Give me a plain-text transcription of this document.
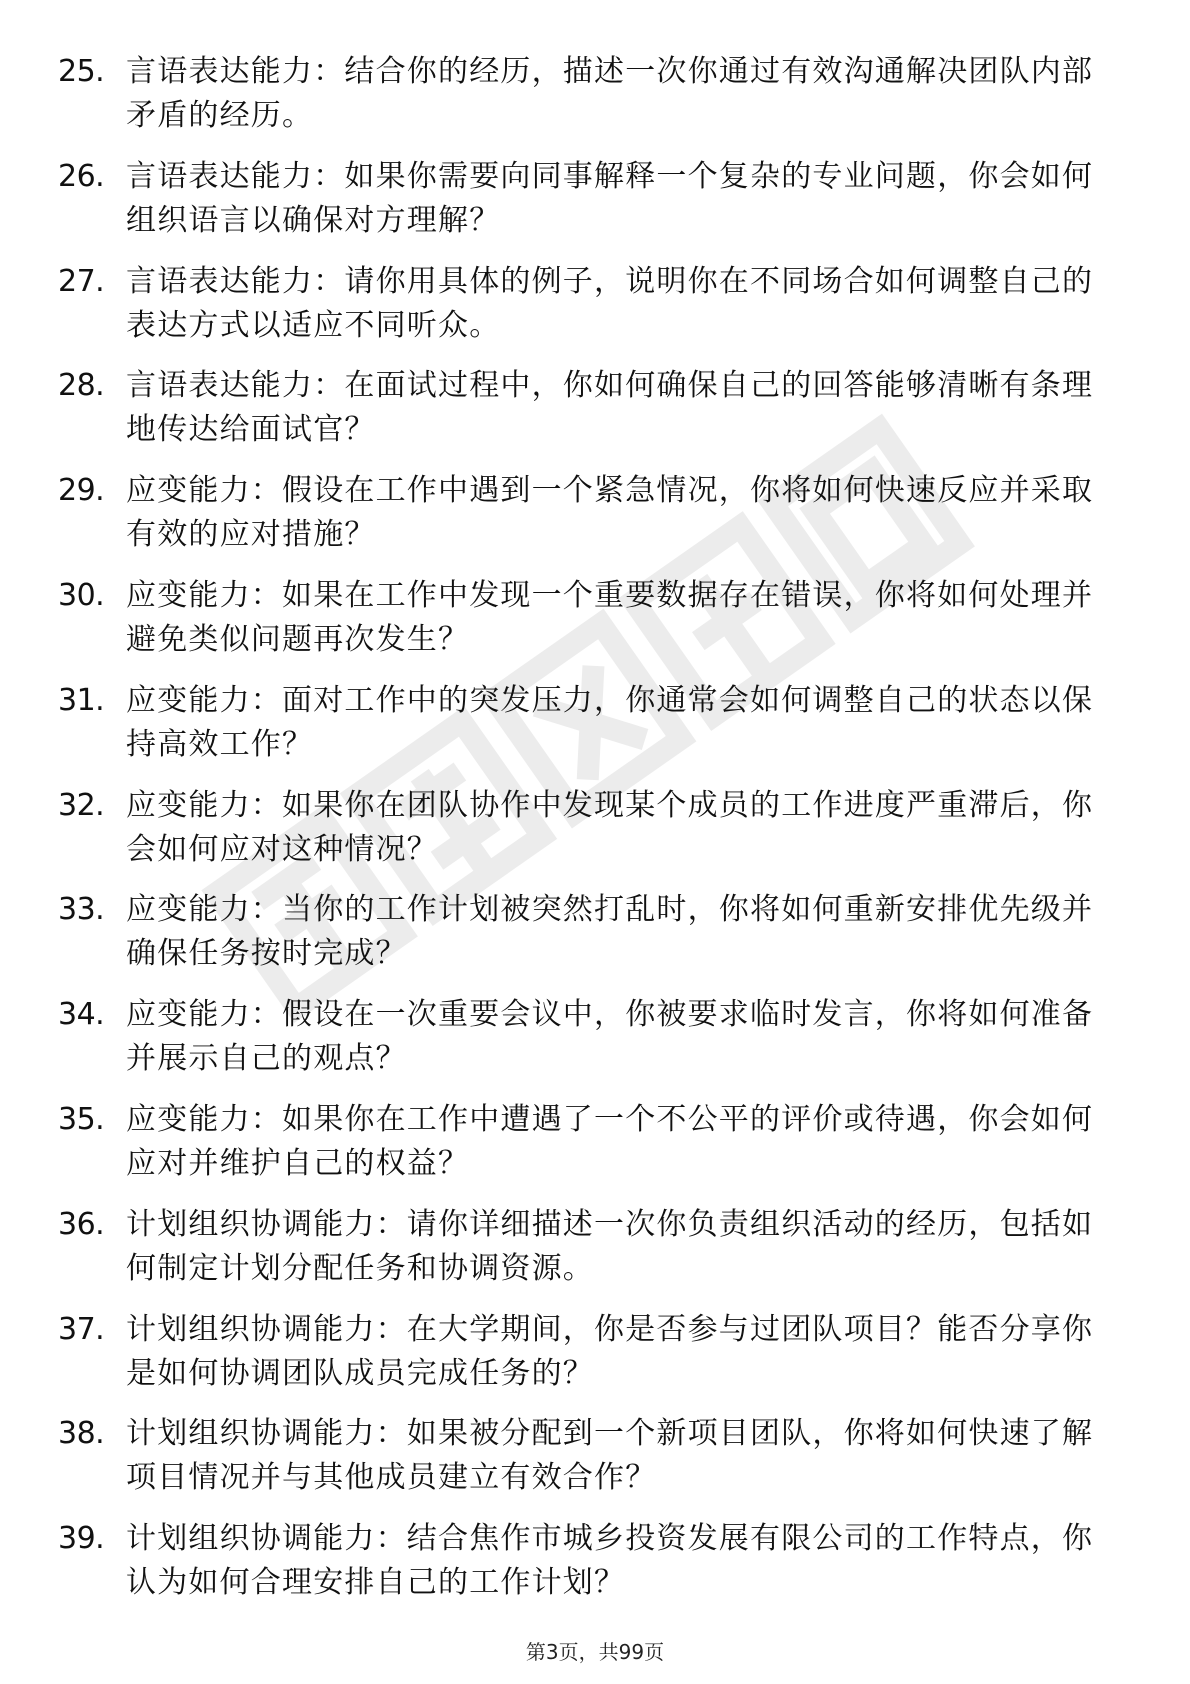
25. 言语表达能力：结合你的经历，描述一次你通过有效沟通解决团队内部矛盾的经历。
26. 言语表达能力：如果你需要向同事解释一个复杂的专业问题，你会如何组织语言以确保对方理解？
27. 言语表达能力：请你用具体的例子，说明你在不同场合如何调整自己的表达方式以适应不同听众。
28. 言语表达能力：在面试过程中，你如何确保自己的回答能够清晰有条理地传达给面试官？
29. 应变能力：假设在工作中遇到一个紧急情况，你将如何快速反应并采取有效的应对措施？
30. 应变能力：如果在工作中发现一个重要数据存在错误，你将如何处理并避免类似问题再次发生？
31. 应变能力：面对工作中的突发压力，你通常会如何调整自己的状态以保持高效工作？
32. 应变能力：如果你在团队协作中发现某个成员的工作进度严重滞后，你会如何应对这种情况？
33. 应变能力：当你的工作计划被突然打乱时，你将如何重新安排优先级并确保任务按时完成？
34. 应变能力：假设在一次重要会议中，你被要求临时发言，你将如何准备并展示自己的观点？
35. 应变能力：如果你在工作中遭遇了一个不公平的评价或待遇，你会如何应对并维护自己的权益？
36. 计划组织协调能力：请你详细描述一次你负责组织活动的经历，包括如何制定计划分配任务和协调资源。
37. 计划组织协调能力：在大学期间，你是否参与过团队项目？能否分享你是如何协调团队成员完成任务的？
38. 计划组织协调能力：如果被分配到一个新项目团队，你将如何快速了解项目情况并与其他成员建立有效合作？
39. 计划组织协调能力：结合焦作市城乡投资发展有限公司的工作特点，你认为如何合理安排自己的工作计划？
第3页，共99页
